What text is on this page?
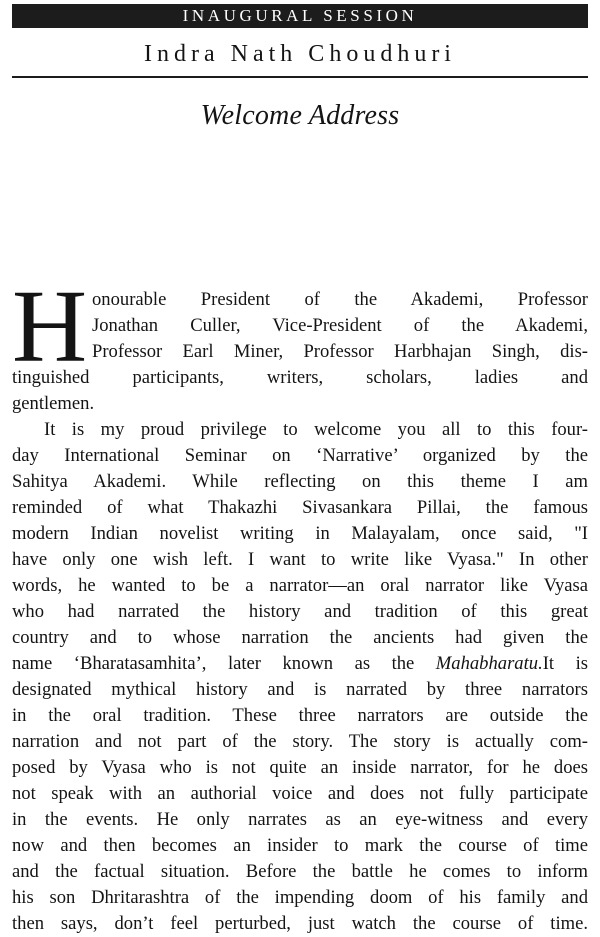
INAUGURAL SESSION
Indra Nath Choudhuri
Welcome Address
H onourable President of the Akademi, Professor
Jonathan Culler, Vice-President of the Akademi,
Professor Earl Miner, Professor Harbhajan Singh, dis-
tinguished participants, writers, scholars, ladies and
gentlemen.
It is my proud privilege to welcome you all to this four-
day International Seminar on ‘Narrative’ organized by the
Sahitya Akademi. While reflecting on this theme I am
reminded of what Thakazhi Sivasankara Pillai, the famous
modern Indian novelist writing in Malayalam, once said, "I
have only one wish left. I want to write like Vyasa." In other
words, he wanted to be a narrator—an oral narrator like Vyasa
who had narrated the history and tradition of this great
country and to whose narration the ancients had given the
name ‘Bharatasamhita’, later known as the Mahabharatu.It is
designated mythical history and is narrated by three narrators
in the oral tradition. These three narrators are outside the
narration and not part of the story. The story is actually com-
posed by Vyasa who is not quite an inside narrator, for he does
not speak with an authorial voice and does not fully participate
in the events. He only narrates as an eye-witness and every
now and then becomes an insider to mark the course of time
and the factual situation. Before the battle he comes to inform
his son Dhritarashtra of the impending doom of his family and
then says, don’t feel perturbed, just watch the course of time.
